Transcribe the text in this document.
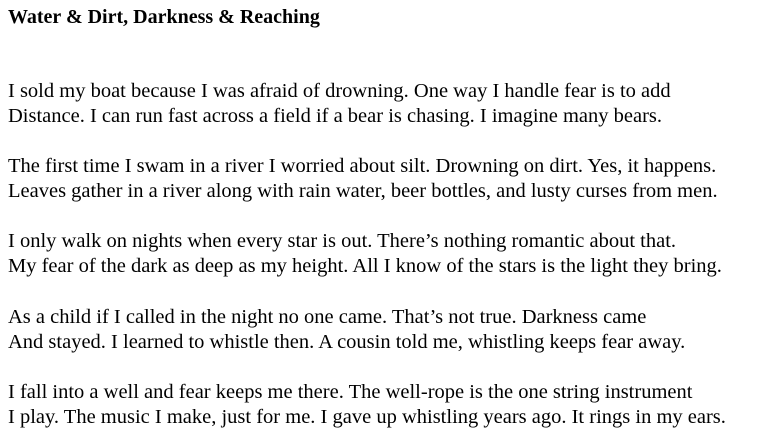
Water & Dirt, Darkness & Reaching

I sold my boat because I was afraid of drowning. One way I handle fear is to add
Distance. I can run fast across a field if a bear is chasing. I imagine many bears.

The first time I swam in a river I worried about silt. Drowning on dirt. Yes, it happens.
Leaves gather in a river along with rain water, beer bottles, and lusty curses from men.

I only walk on nights when every star is out. There’s nothing romantic about that.
My fear of the dark as deep as my height. All I know of the stars is the light they bring.

As a child if I called in the night no one came. That’s not true. Darkness came
And stayed. I learned to whistle then. A cousin told me, whistling keeps fear away.

I fall into a well and fear keeps me there. The well-rope is the one string instrument
I play. The music I make, just for me. I gave up whistling years ago. It rings in my ears.
